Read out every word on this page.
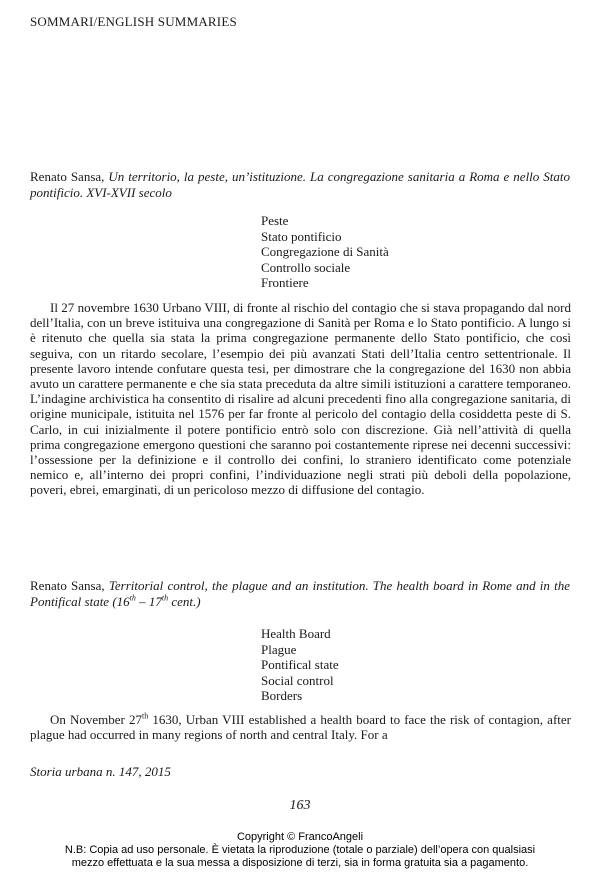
SOMMARI/ENGLISH SUMMARIES
Renato Sansa, Un territorio, la peste, un’istituzione. La congregazione sanitaria a Roma e nello Stato pontificio. XVI-XVII secolo
Peste
Stato pontificio
Congregazione di Sanità
Controllo sociale
Frontiere

Il 27 novembre 1630 Urbano VIII, di fronte al rischio del contagio che si stava propagando dal nord dell’Italia, con un breve istituiva una congregazione di Sanità per Roma e lo Stato pontificio. A lungo si è ritenuto che quella sia stata la prima congregazione permanente dello Stato pontificio, che così seguiva, con un ritardo secolare, l’esempio dei più avanzati Stati dell’Italia centro settentrionale. Il presente lavoro intende confutare questa tesi, per dimostrare che la congregazione del 1630 non abbia avuto un carattere permanente e che sia stata preceduta da altre simili istituzioni a carattere temporaneo. L’indagine archivistica ha consentito di risalire ad alcuni precedenti fino alla congregazione sanitaria, di origine municipale, istituita nel 1576 per far fronte al pericolo del contagio della cosiddetta peste di S. Carlo, in cui inizialmente il potere pontificio entrò solo con discrezione. Già nell’attività di quella prima congregazione emergono questioni che saranno poi costantemente riprese nei decenni successivi: l’ossessione per la definizione e il controllo dei confini, lo straniero identificato come potenziale nemico e, all’interno dei propri confini, l’individuazione negli strati più deboli della popolazione, poveri, ebrei, emarginati, di un pericoloso mezzo di diffusione del contagio.

Renato Sansa, Territorial control, the plague and an institution. The health board in Rome and in the Pontifical state (16th – 17th cent.)
Health Board
Plague
Pontifical state
Social control
Borders

On November 27th 1630, Urban VIII established a health board to face the risk of contagion, after plague had occurred in many regions of north and central Italy. For a

Storia urbana n. 147, 2015
163
Copyright © FrancoAngeli
N.B: Copia ad uso personale. È vietata la riproduzione (totale o parziale) dell’opera con qualsiasi
mezzo effettuata e la sua messa a disposizione di terzi, sia in forma gratuita sia a pagamento.
